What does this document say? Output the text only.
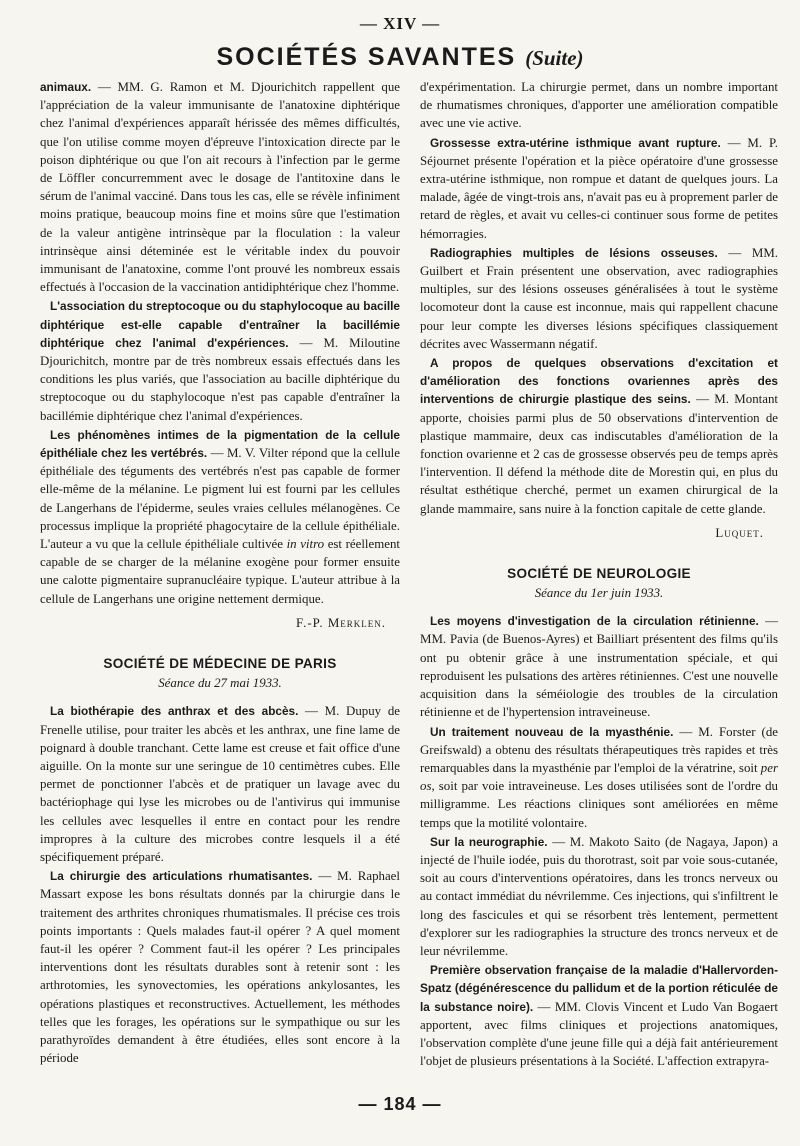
— XIV —
SOCIÉTÉS SAVANTES (Suite)

animaux. — MM. G. Ramon et M. Djourichitch rappellent que l'appréciation de la valeur immunisante de l'anatoxine diphtérique chez l'animal d'expériences apparaît hérissée des mêmes difficultés, que l'on utilise comme moyen d'épreuve l'intoxication directe par le poison diphtérique ou que l'on ait recours à l'infection par le germe de Löffler concurremment avec le dosage de l'antitoxine dans le sérum de l'animal vacciné. Dans tous les cas, elle se révèle infiniment moins pratique, beaucoup moins fine et moins sûre que l'estimation de la valeur antigène intrinsèque par la floculation : la valeur intrinsèque ainsi déteminée est le véritable index du pouvoir immunisant de l'anatoxine, comme l'ont prouvé les nombreux essais effectués à l'occasion de la vaccination antidiphtérique chez l'homme.

L'association du streptocoque ou du staphylocoque au bacille diphtérique est-elle capable d'entraîner la bacillémie diphtérique chez l'animal d'expériences. — M. Miloutine Djourichitch, montre par de très nombreux essais effectués dans les conditions les plus variés, que l'association au bacille diphtérique du streptocoque ou du staphylocoque n'est pas capable d'entraîner la bacillémie diphtérique chez l'animal d'expériences.

Les phénomènes intimes de la pigmentation de la cellule épithéliale chez les vertébrés. — M. V. Vilter répond que la cellule épithéliale des téguments des vertébrés n'est pas capable de former elle-même de la mélanine. Le pigment lui est fourni par les cellules de Langerhans de l'épiderme, seules vraies cellules mélanogènes. Ce processus implique la propriété phagocytaire de la cellule épithéliale. L'auteur a vu que la cellule épithéliale cultivée in vitro est réellement capable de se charger de la mélanine exogène pour former ensuite une calotte pigmentaire supranucléaire typique. L'auteur attribue à la cellule de Langerhans une origine nettement dermique.

F.-P. Merklen.
SOCIÉTÉ DE MÉDECINE DE PARIS
Séance du 27 mai 1933.

La biothérapie des anthrax et des abcès. — M. Dupuy de Frenelle utilise, pour traiter les abcès et les anthrax, une fine lame de poignard à double tranchant. Cette lame est creuse et fait office d'une aiguille. On la monte sur une seringue de 10 centimètres cubes. Elle permet de ponctionner l'abcès et de pratiquer un lavage avec du bactériophage qui lyse les microbes ou de l'antivirus qui immunise les cellules avec lesquelles il entre en contact pour les rendre impropres à la culture des microbes contre lesquels il a été spécifiquement préparé.

La chirurgie des articulations rhumatisantes. — M. Raphael Massart expose les bons résultats donnés par la chirurgie dans le traitement des arthrites chroniques rhumatismales. Il précise ces trois points importants : Quels malades faut-il opérer ? A quel moment faut-il les opérer ? Comment faut-il les opérer ? Les principales interventions dont les résultats durables sont à retenir sont : les arthrotomies, les synovectomies, les opérations ankylosantes, les opérations plastiques et reconstructives. Actuellement, les méthodes telles que les forages, les opérations sur le sympathique ou sur les parathyroïdes demandent à être étudiées, elles sont encore à la période

d'expérimentation. La chirurgie permet, dans un nombre important de rhumatismes chroniques, d'apporter une amélioration compatible avec une vie active.

Grossesse extra-utérine isthmique avant rupture. — M. P. Séjournet présente l'opération et la pièce opératoire d'une grossesse extra-utérine isthmique, non rompue et datant de quelques jours. La malade, âgée de vingt-trois ans, n'avait pas eu à proprement parler de retard de règles, et avait vu celles-ci continuer sous forme de petites hémorragies.

Radiographies multiples de lésions osseuses. — MM. Guilbert et Frain présentent une observation, avec radiographies multiples, sur des lésions osseuses généralisées à tout le système locomoteur dont la cause est inconnue, mais qui rappellent chacune pour leur compte les diverses lésions spécifiques classiquement décrites avec Wassermann négatif.

A propos de quelques observations d'excitation et d'amélioration des fonctions ovariennes après des interventions de chirurgie plastique des seins. — M. Montant apporte, choisies parmi plus de 50 observations d'intervention de plastique mammaire, deux cas indiscutables d'amélioration de la fonction ovarienne et 2 cas de grossesse observés peu de temps après l'intervention. Il défend la méthode dite de Morestin qui, en plus du résultat esthétique cherché, permet un examen chirurgical de la glande mammaire, sans nuire à la fonction capitale de cette glande.

Luquet.
SOCIÉTÉ DE NEUROLOGIE
Séance du 1er juin 1933.

Les moyens d'investigation de la circulation rétinienne. — MM. Pavia (de Buenos-Ayres) et Bailliart présentent des films qu'ils ont pu obtenir grâce à une instrumentation spéciale, et qui reproduisent les pulsations des artères rétiniennes. C'est une nouvelle acquisition dans la séméiologie des troubles de la circulation rétinienne et de l'hypertension intraveineuse.

Un traitement nouveau de la myasthénie. — M. Forster (de Greifswald) a obtenu des résultats thérapeutiques très rapides et très remarquables dans la myasthénie par l'emploi de la vératrine, soit per os, soit par voie intraveineuse. Les doses utilisées sont de l'ordre du milligramme. Les réactions cliniques sont améliorées en même temps que la motilité volontaire.

Sur la neurographie. — M. Makoto Saito (de Nagaya, Japon) a injecté de l'huile iodée, puis du thorotrast, soit par voie sous-cutanée, soit au cours d'interventions opératoires, dans les troncs nerveux ou au contact immédiat du névrilemme. Ces injections, qui s'infiltrent le long des fascicules et qui se résorbent très lentement, permettent d'explorer sur les radiographies la structure des troncs nerveux et de leur névrilemme.

Première observation française de la maladie d'Hallervorden-Spatz (dégénérescence du pallidum et de la portion réticulée de la substance noire). — MM. Clovis Vincent et Ludo Van Bogaert apportent, avec films cliniques et projections anatomiques, l'observation complète d'une jeune fille qui a déjà fait antérieurement l'objet de plusieurs présentations à la Société. L'affection extrapyra-

— 184 —
